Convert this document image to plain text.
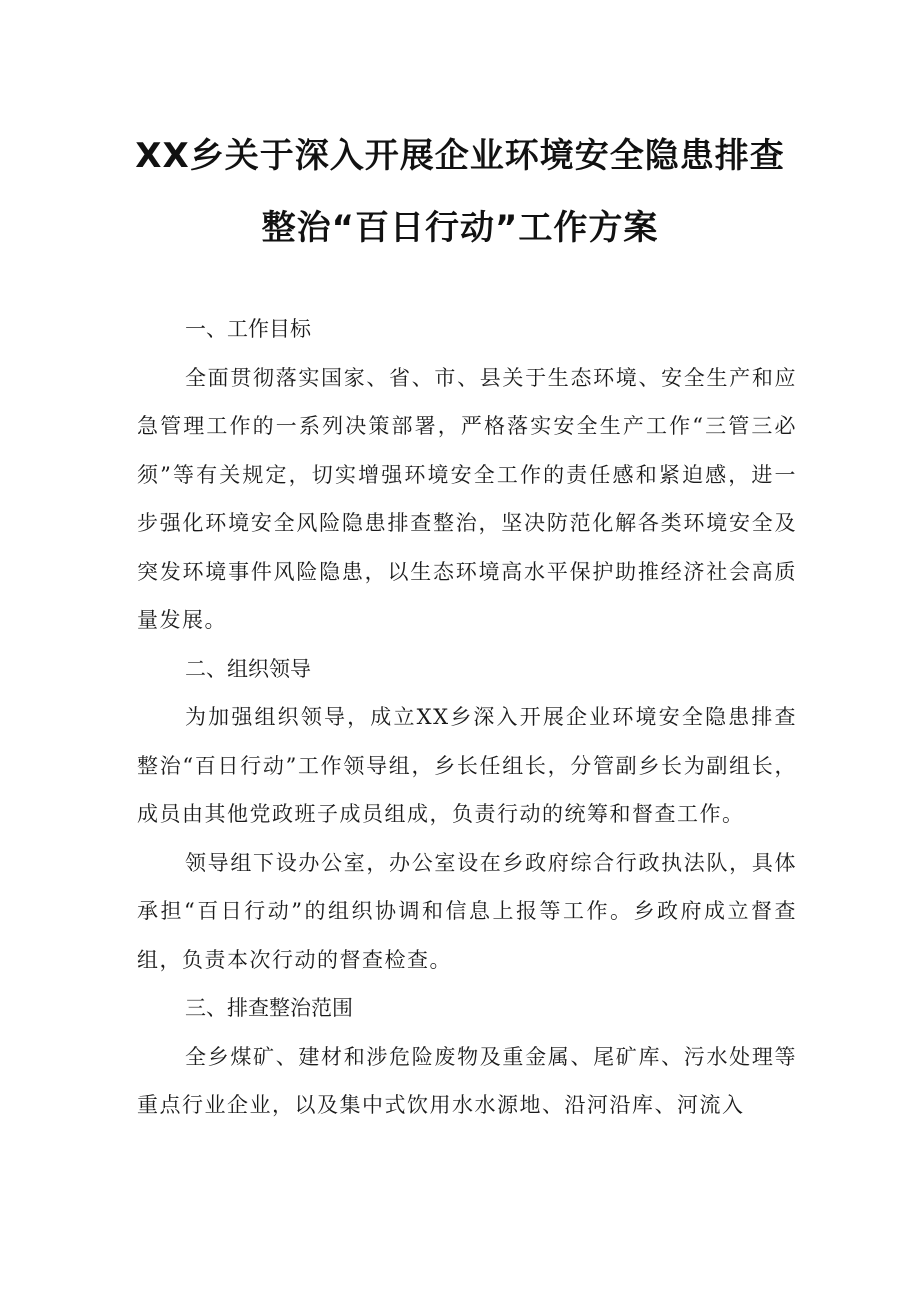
XX乡关于深入开展企业环境安全隐患排查
整治“百日行动”工作方案

一、工作目标

全面贯彻落实国家、省、市、县关于生态环境、安全生产和应急管理工作的一系列决策部署，严格落实安全生产工作“三管三必须”等有关规定，切实增强环境安全工作的责任感和紧迫感，进一步强化环境安全风险隐患排查整治，坚决防范化解各类环境安全及突发环境事件风险隐患，以生态环境高水平保护助推经济社会高质量发展。

二、组织领导

为加强组织领导，成立XX乡深入开展企业环境安全隐患排查整治“百日行动”工作领导组，乡长任组长，分管副乡长为副组长，成员由其他党政班子成员组成，负责行动的统筹和督查工作。

领导组下设办公室，办公室设在乡政府综合行政执法队，具体承担“百日行动”的组织协调和信息上报等工作。乡政府成立督查组，负责本次行动的督查检查。

三、排查整治范围

全乡煤矿、建材和涉危险废物及重金属、尾矿库、污水处理等重点行业企业，以及集中式饮用水水源地、沿河沿库、河流入
